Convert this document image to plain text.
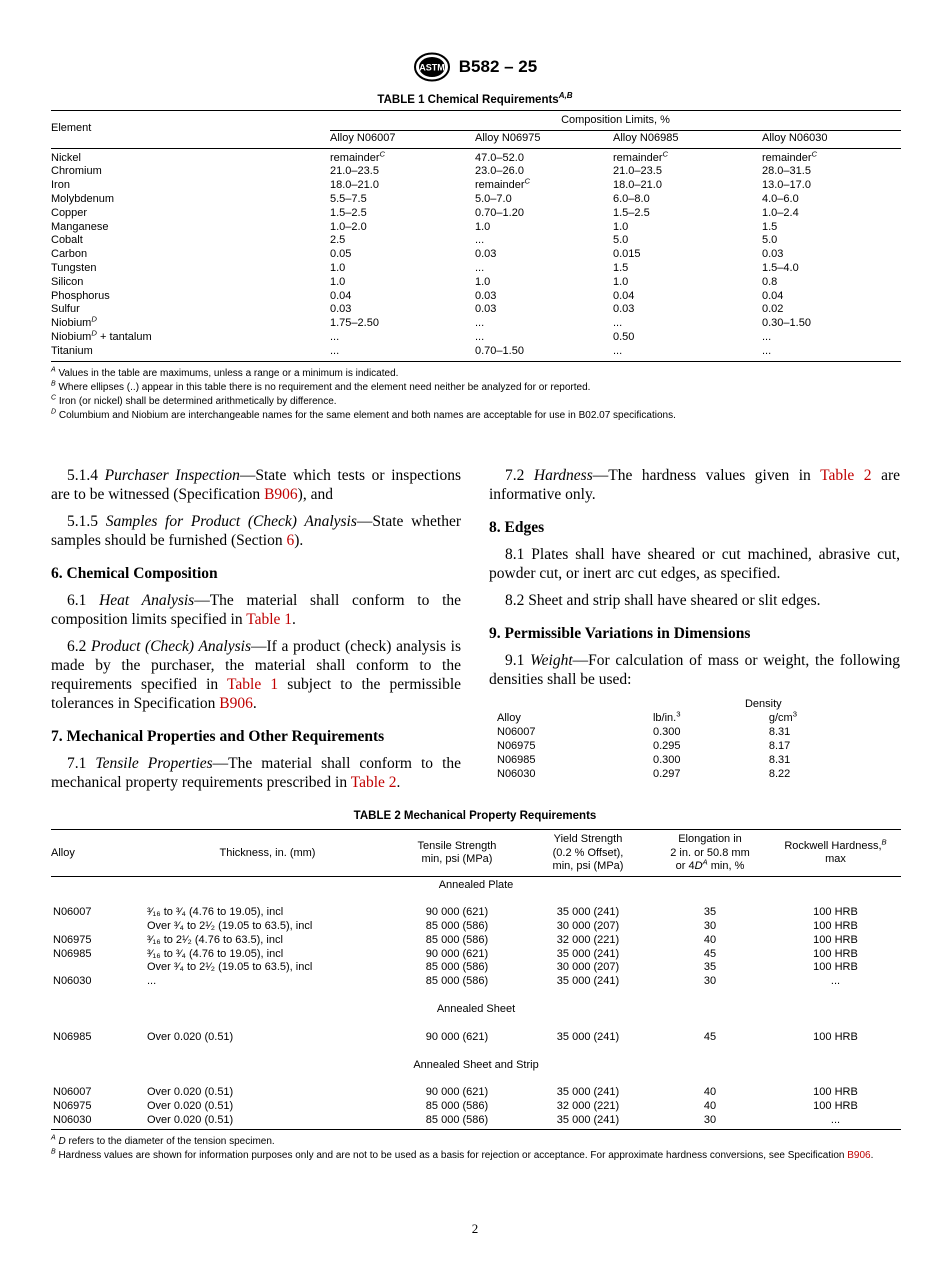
ASTM B582 – 25
TABLE 1 Chemical Requirements$^{A,B}$
Element	Composition Limits, %			
	Alloy N06007	Alloy N06975	Alloy N06985	Alloy N06030
Nickel	remainder$^C$	47.0–52.0	remainder$^C$	remainder$^C$
Chromium	21.0–23.5	23.0–26.0	21.0–23.5	28.0–31.5
Iron	18.0–21.0	remainder$^C$	18.0–21.0	13.0–17.0
Molybdenum	5.5–7.5	5.0–7.0	6.0–8.0	4.0–6.0
Copper	1.5–2.5	0.70–1.20	1.5–2.5	1.0–2.4
Manganese	1.0–2.0	1.0	1.0	1.5
Cobalt	2.5	...	5.0	5.0
Carbon	0.05	0.03	0.015	0.03
Tungsten	1.0	...	1.5	1.5–4.0
Silicon	1.0	1.0	1.0	0.8
Phosphorus	0.04	0.03	0.04	0.04
Sulfur	0.03	0.03	0.03	0.02
Niobium$^D$	1.75–2.50	...	...	0.30–1.50
Niobium$^D$ + tantalum	...	...	0.50	...
Titanium	...	0.70–1.50	...	...
$^A$ Values in the table are maximums, unless a range or a minimum is indicated.
$^B$ Where ellipses (..) appear in this table there is no requirement and the element need neither be analyzed for or reported.
$^C$ Iron (or nickel) shall be determined arithmetically by difference.
$^D$ Columbium and Niobium are interchangeable names for the same element and both names are acceptable for use in B02.07 specifications.

5.1.4 Purchaser Inspection—State which tests or inspections are to be witnessed (Specification B906), and

5.1.5 Samples for Product (Check) Analysis—State whether samples should be furnished (Section 6).

6. Chemical Composition

6.1 Heat Analysis—The material shall conform to the composition limits specified in Table 1.

6.2 Product (Check) Analysis—If a product (check) analysis is made by the purchaser, the material shall conform to the requirements specified in Table 1 subject to the permissible tolerances in Specification B906.

7. Mechanical Properties and Other Requirements

7.1 Tensile Properties—The material shall conform to the mechanical property requirements prescribed in Table 2.

7.2 Hardness—The hardness values given in Table 2 are informative only.

8. Edges

8.1 Plates shall have sheared or cut machined, abrasive cut, powder cut, or inert arc cut edges, as specified.

8.2 Sheet and strip shall have sheared or slit edges.

9. Permissible Variations in Dimensions

9.1 Weight—For calculation of mass or weight, the following densities shall be used:

	Density	
Alloy	lb/in.$^3$	$g/cm^3$
N06007	0.300	8.31
N06975	0.295	8.17
N06985	0.300	8.31
N06030	0.297	8.22
TABLE 2 Mechanical Property Requirements
Alloy	Thickness, in. (mm)	Tensile Strength
min, psi (MPa)	Yield Strength
(0.2 % Offset),
min, psi (MPa)	Elongation in
2 in. or 50.8 mm
or $4D^A$ min, %	Rockwell Hardness,$^B$
max
Annealed Plate					
N06007	³⁄₁₆ to ³⁄₄ (4.76 to 19.05), incl	90 000 (621)	35 000 (241)	35	100 HRB
	Over ³⁄₄ to 2¹⁄₂ (19.05 to 63.5), incl	85 000 (586)	30 000 (207)	30	100 HRB
N06975	³⁄₁₆ to 2¹⁄₂ (4.76 to 63.5), incl	85 000 (586)	32 000 (221)	40	100 HRB
N06985	³⁄₁₆ to ³⁄₄ (4.76 to 19.05), incl	90 000 (621)	35 000 (241)	45	100 HRB
	Over ³⁄₄ to 2¹⁄₂ (19.05 to 63.5), incl	85 000 (586)	30 000 (207)	35	100 HRB
N06030	...	85 000 (586)	35 000 (241)	30	...

Annealed Sheet					
N06985	Over 0.020 (0.51)	90 000 (621)	35 000 (241)	45	100 HRB

Annealed Sheet and Strip					
N06007	Over 0.020 (0.51)	90 000 (621)	35 000 (241)	40	100 HRB
N06975	Over 0.020 (0.51)	85 000 (586)	32 000 (221)	40	100 HRB
N06030	Over 0.020 (0.51)	85 000 (586)	35 000 (241)	30	...
$^A$ D refers to the diameter of the tension specimen.
$^B$ Hardness values are shown for information purposes only and are not to be used as a basis for rejection or acceptance. For approximate hardness conversions, see Specification B906.
2
